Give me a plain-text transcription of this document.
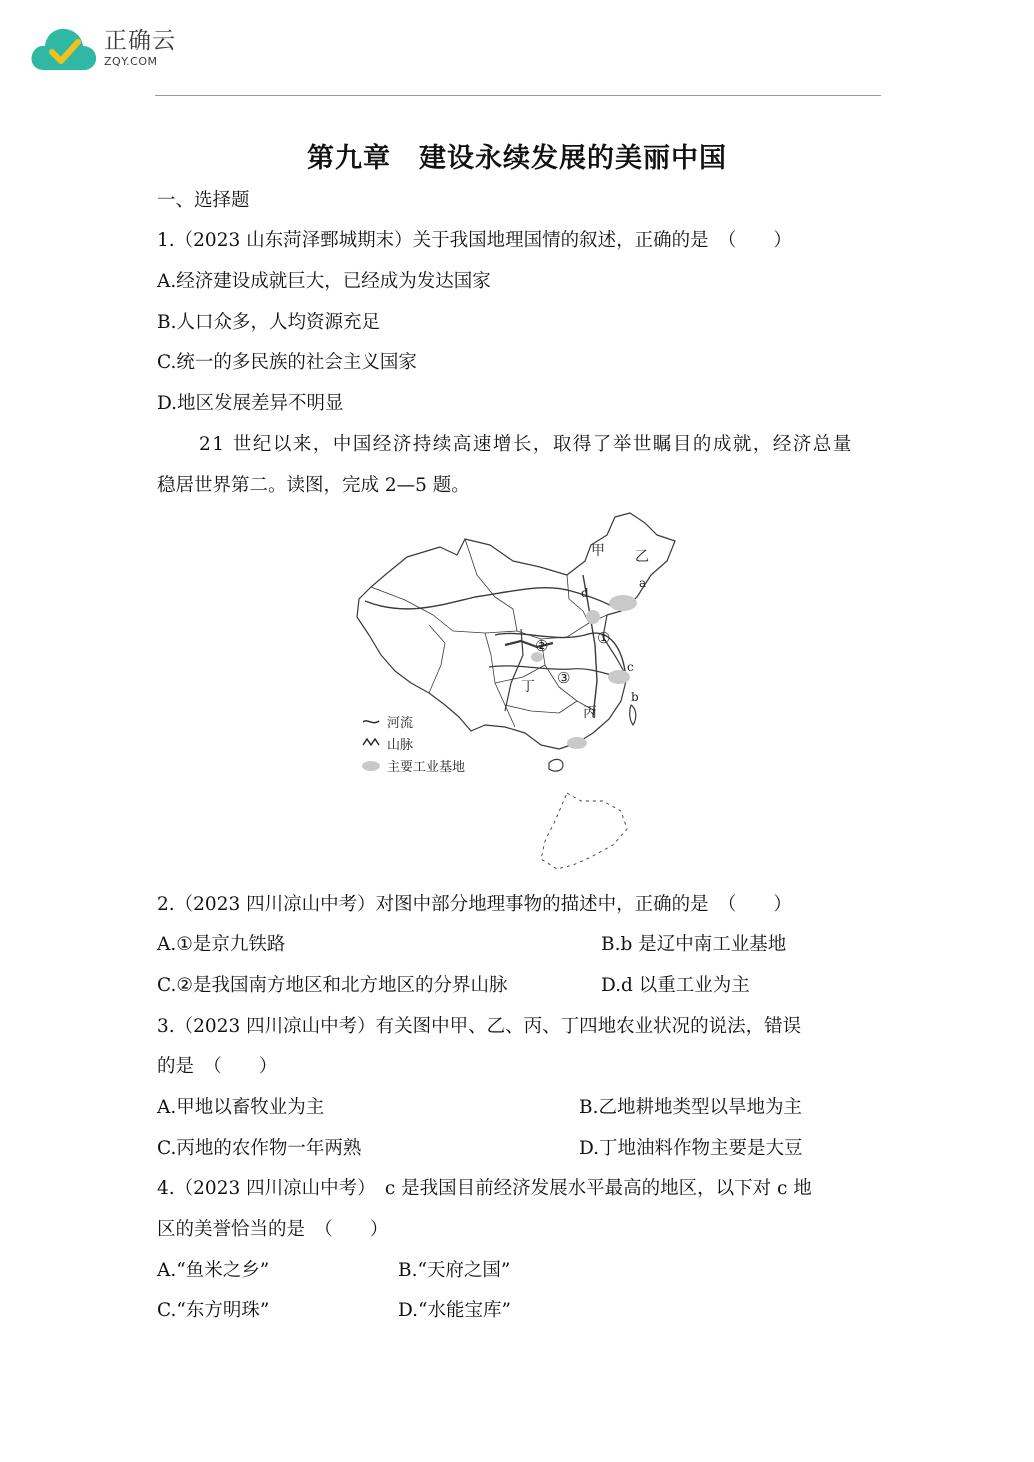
正确云
ZQY.COM
第九章　建设永续发展的美丽中国
一、选择题
1.（2023 山东菏泽鄄城期末）关于我国地理国情的叙述，正确的是　（　　）
A.经济建设成就巨大，已经成为发达国家
B.人口众多，人均资源充足
C.统一的多民族的社会主义国家
D.地区发展差异不明显
21 世纪以来，中国经济持续高速增长，取得了举世瞩目的成就，经济总量
稳居世界第二。读图，完成 2—5 题。
甲 乙
丙
丁
a
b
c
d
①
②
③
河流
山脉
主要工业基地
2.（2023 四川凉山中考）对图中部分地理事物的描述中，正确的是　（　　）
A.①是京九铁路	B.b 是辽中南工业基地
C.②是我国南方地区和北方地区的分界山脉	D.d 以重工业为主
3.（2023 四川凉山中考）有关图中甲、乙、丙、丁四地农业状况的说法，错误
的是　（　　）
A.甲地以畜牧业为主	B.乙地耕地类型以旱地为主
C.丙地的农作物一年两熟	D.丁地油料作物主要是大豆
4.（2023 四川凉山中考）　c 是我国目前经济发展水平最高的地区，以下对 c 地
区的美誉恰当的是　（　　）
A.“鱼米之乡”	B.“天府之国”
C.“东方明珠”	D.“水能宝库”
